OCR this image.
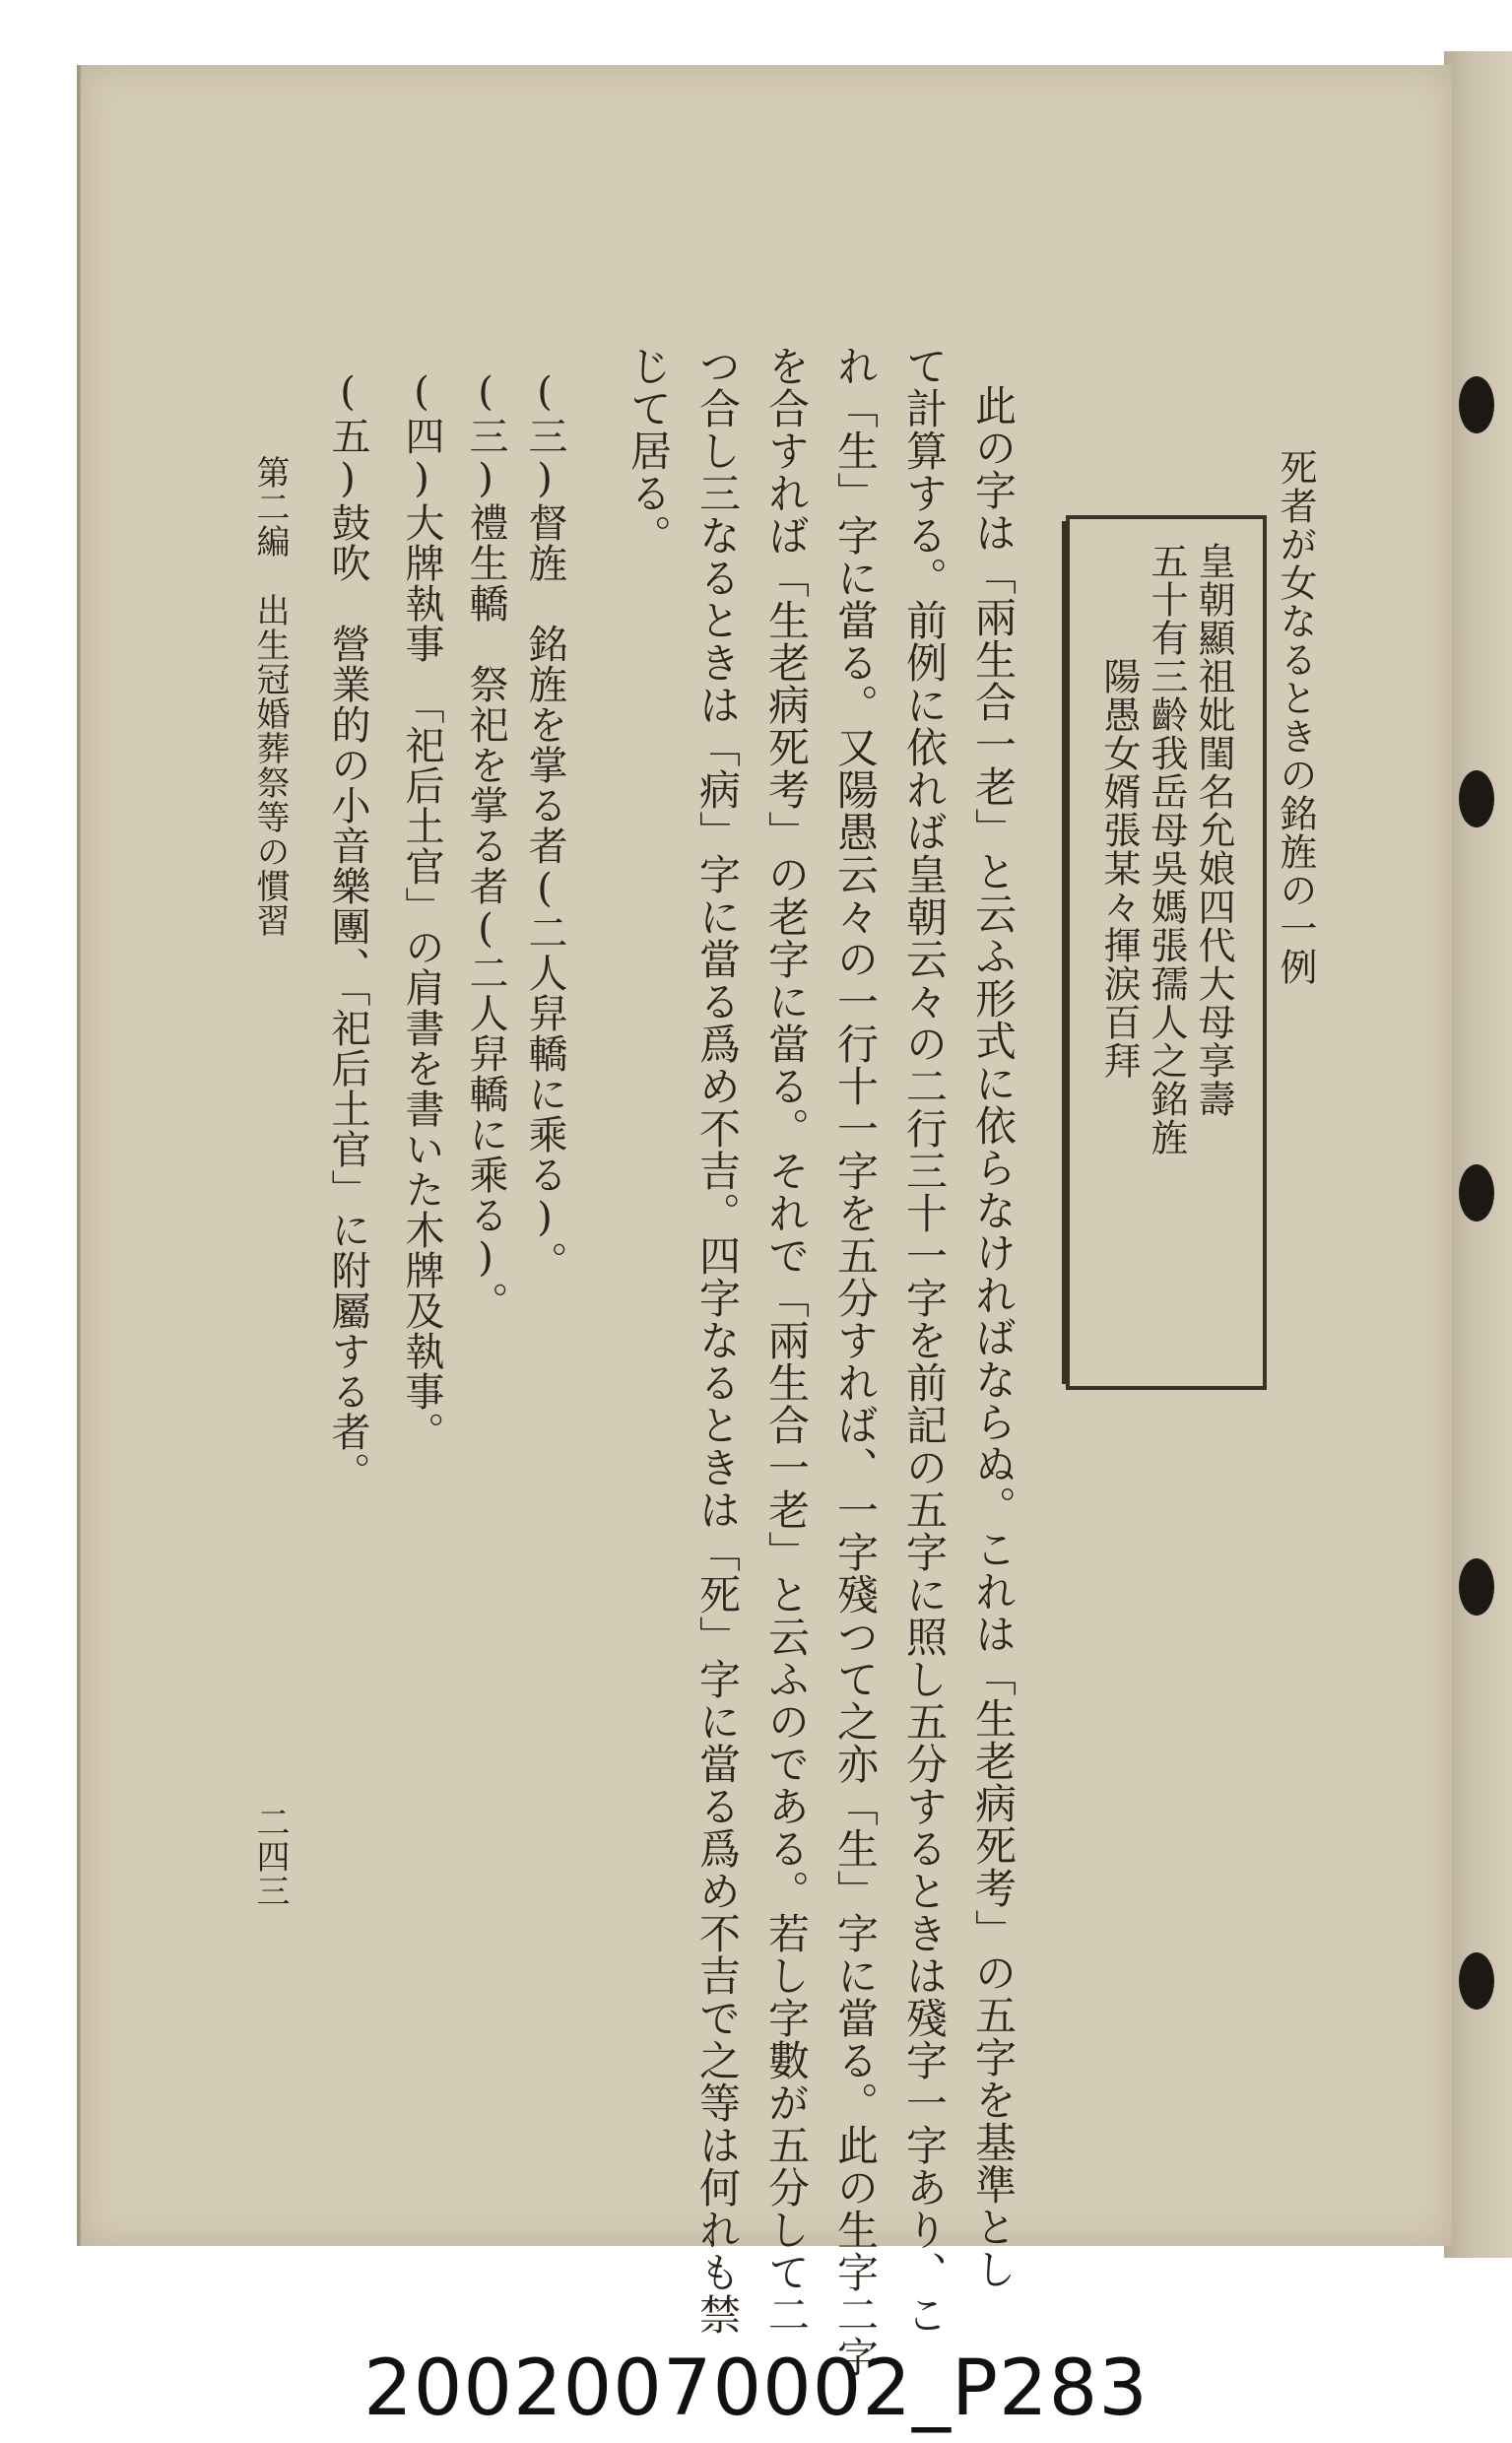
死者が女なるときの銘旌の一例
皇朝顯祖妣閨名允娘四代大母享壽
五十有三齡我岳母吳媽張孺人之銘旌
　　　陽愚女婿張某々揮涙百拜
此の字は「兩生合一老」と云ふ形式に依らなければならぬ。これは「生老病死考」の五字を基準とし
て計算する。前例に依れば皇朝云々の二行三十一字を前記の五字に照し五分するときは殘字一字あり、こ
れ「生」字に當る。又陽愚云々の一行十一字を五分すれば、一字殘つて之亦「生」字に當る。此の生字二字
を合すれば「生老病死考」の老字に當る。それで「兩生合一老」と云ふのである。若し字數が五分して二
つ合し三なるときは「病」字に當る爲め不吉。四字なるときは「死」字に當る爲め不吉で之等は何れも禁
じて居る。
(三)督旌　銘旌を掌る者(二人舁轎に乘る)。
(三)禮生轎　祭祀を掌る者(二人舁轎に乘る)。
(四)大牌執事　「祀后土官」の肩書を書いた木牌及執事。
(五)鼓吹　營業的の小音樂團、「祀后土官」に附屬する者。
第二編　出生冠婚葬祭等の慣習
二四三
20020070002_P283
